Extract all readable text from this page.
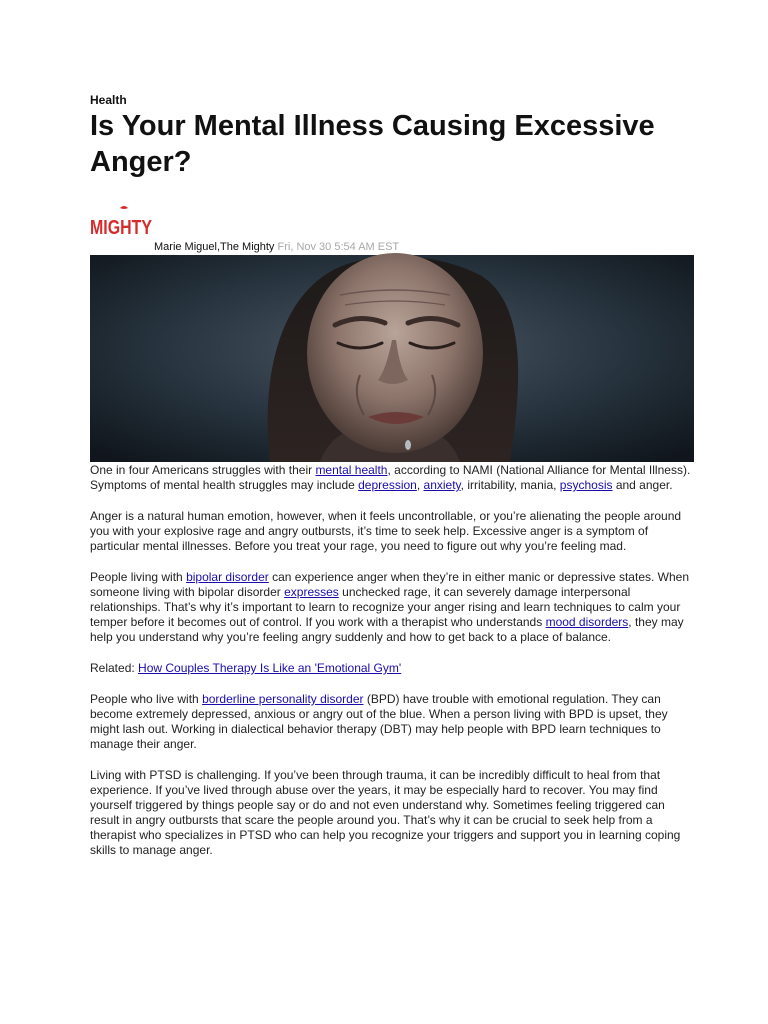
Health
Is Your Mental Illness Causing Excessive Anger?
MIGHTY
Marie Miguel,The Mighty Fri, Nov 30 5:54 AM EST

One in four Americans struggles with their mental health, according to NAMI (National Alliance for Mental Illness). Symptoms of mental health struggles may include depression, anxiety, irritability, mania, psychosis and anger.

Anger is a natural human emotion, however, when it feels uncontrollable, or you’re alienating the people around you with your explosive rage and angry outbursts, it’s time to seek help. Excessive anger is a symptom of particular mental illnesses. Before you treat your rage, you need to figure out why you’re feeling mad.

People living with bipolar disorder can experience anger when they’re in either manic or depressive states. When someone living with bipolar disorder expresses unchecked rage, it can severely damage interpersonal relationships. That’s why it’s important to learn to recognize your anger rising and learn techniques to calm your temper before it becomes out of control. If you work with a therapist who understands mood disorders, they may help you understand why you’re feeling angry suddenly and how to get back to a place of balance.

Related: How Couples Therapy Is Like an 'Emotional Gym'

People who live with borderline personality disorder (BPD) have trouble with emotional regulation. They can become extremely depressed, anxious or angry out of the blue. When a person living with BPD is upset, they might lash out. Working in dialectical behavior therapy (DBT) may help people with BPD learn techniques to manage their anger.

Living with PTSD is challenging. If you’ve been through trauma, it can be incredibly difficult to heal from that experience. If you’ve lived through abuse over the years, it may be especially hard to recover. You may find yourself triggered by things people say or do and not even understand why. Sometimes feeling triggered can result in angry outbursts that scare the people around you. That’s why it can be crucial to seek help from a therapist who specializes in PTSD who can help you recognize your triggers and support you in learning coping skills to manage anger.
